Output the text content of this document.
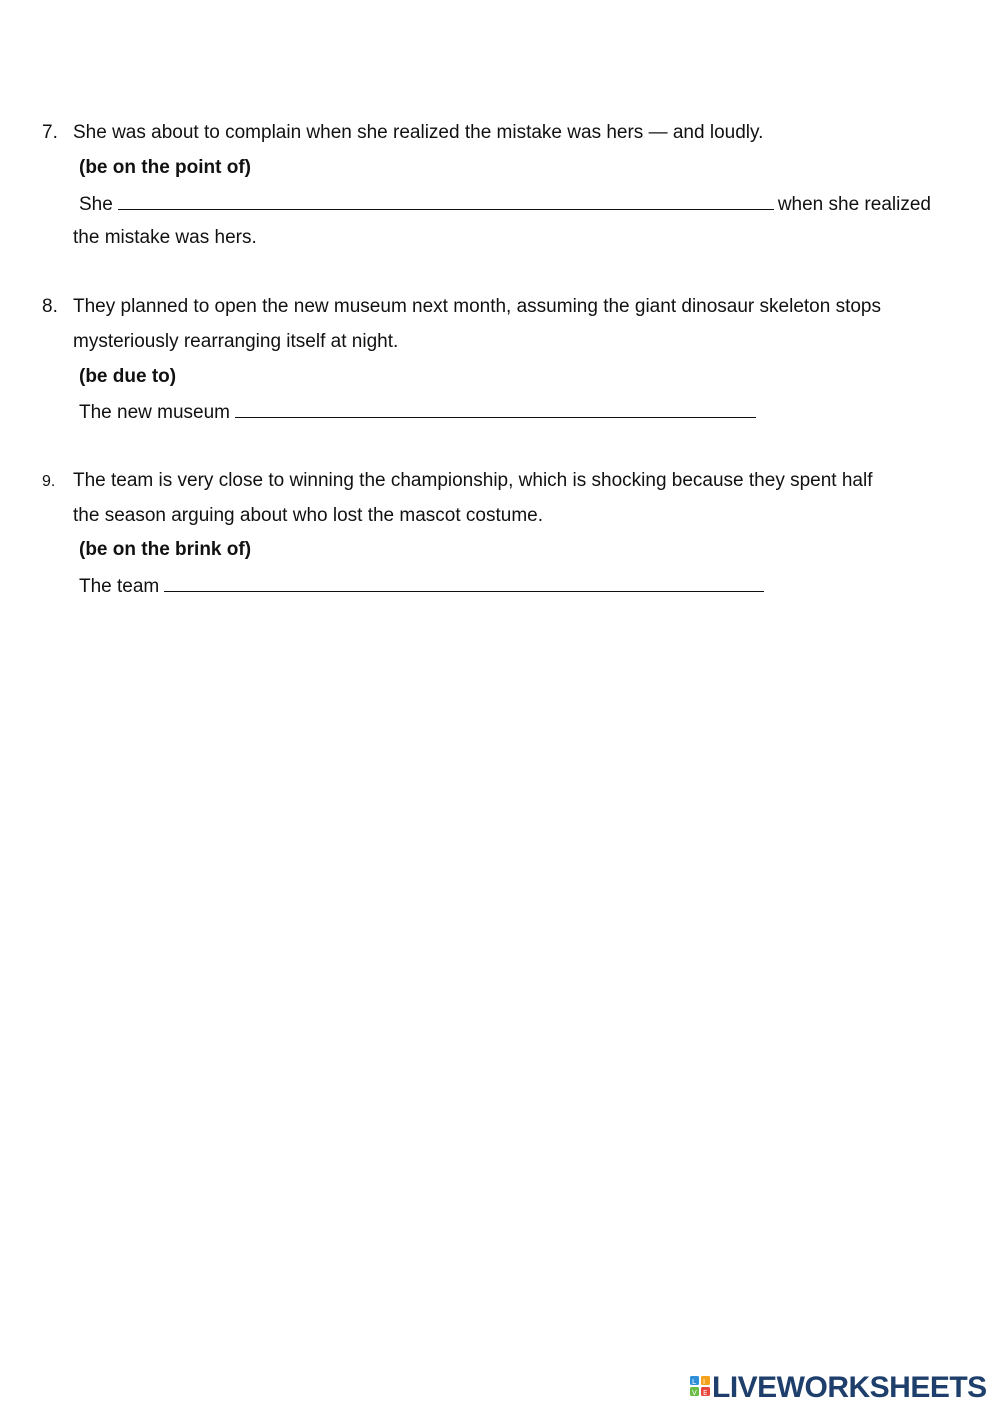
7. She was about to complain when she realized the mistake was hers — and loudly.
(be on the point of)
She	when she realized
the mistake was hers.
8. They planned to open the new museum next month, assuming the giant dinosaur skeleton stops
mysteriously rearranging itself at night.
(be due to)
The new museum
9. The team is very close to winning the championship, which is shocking because they spent half
the season arguing about who lost the mascot costume.
(be on the brink of)
The team
L I
V E LIVEWORKSHEETS
